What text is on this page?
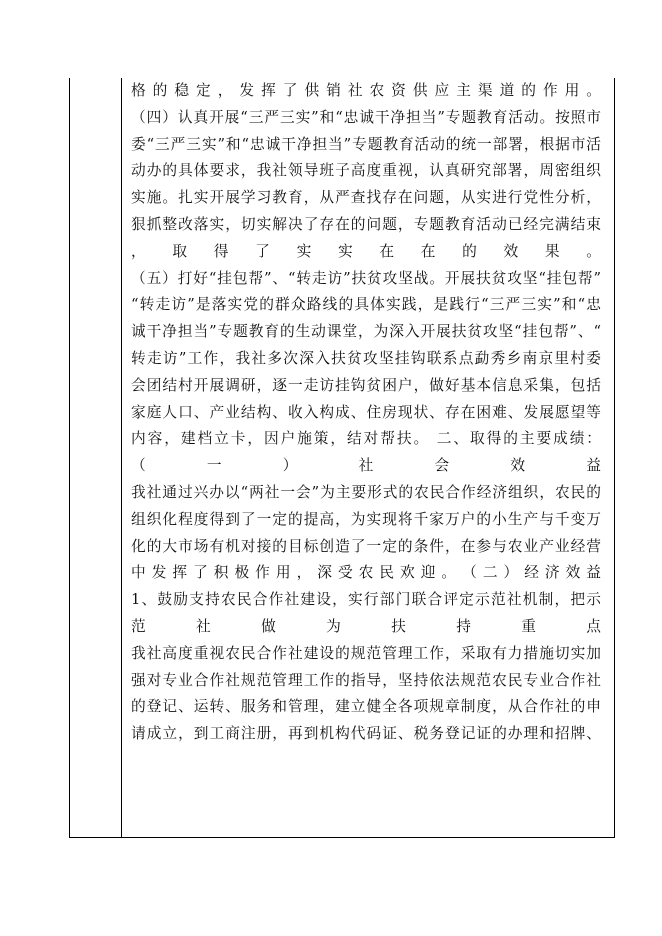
格 的 稳 定 ， 发 挥 了 供 销 社 农 资 供 应 主 渠 道 的 作 用 。
（四）认真开展“三严三实”和“忠诚干净担当”专题教育活动。按照市
委“三严三实”和“忠诚干净担当”专题教育活动的统一部署，根据市活
动办的具体要求，我社领导班子高度重视，认真研究部署，周密组织
实施。扎实开展学习教育，从严查找存在问题，从实进行党性分析，
狠抓整改落实，切实解决了存在的问题，专题教育活动已经完满结束
， 取 得 了 实 实 在 在 的 效 果 。
（五）打好“挂包帮”、“转走访”扶贫攻坚战。开展扶贫攻坚“挂包帮”
“转走访”是落实党的群众路线的具体实践，是践行“三严三实”和“忠
诚干净担当”专题教育的生动课堂，为深入开展扶贫攻坚“挂包帮”、“
转走访”工作，我社多次深入扶贫攻坚挂钩联系点勐秀乡南京里村委
会团结村开展调研，逐一走访挂钩贫困户，做好基本信息采集，包括
家庭人口、产业结构、收入构成、住房现状、存在困难、发展愿望等
内容，建档立卡，因户施策，结对帮扶。 二、取得的主要成绩：
（ 一 ） 社 会 效 益
我社通过兴办以“两社一会”为主要形式的农民合作经济组织，农民的
组织化程度得到了一定的提高，为实现将千家万户的小生产与千变万
化的大市场有机对接的目标创造了一定的条件，在参与农业产业经营
中 发 挥 了 积 极 作 用 ， 深 受 农 民 欢 迎 。 （ 二 ） 经 济 效 益
1、鼓励支持农民合作社建设，实行部门联合评定示范社机制，把示
范 社 做 为 扶 持 重 点
我社高度重视农民合作社建设的规范管理工作，采取有力措施切实加
强对专业合作社规范管理工作的指导，坚持依法规范农民专业合作社
的登记、运转、服务和管理，建立健全各项规章制度，从合作社的申
请成立，到工商注册，再到机构代码证、税务登记证的办理和招牌、
